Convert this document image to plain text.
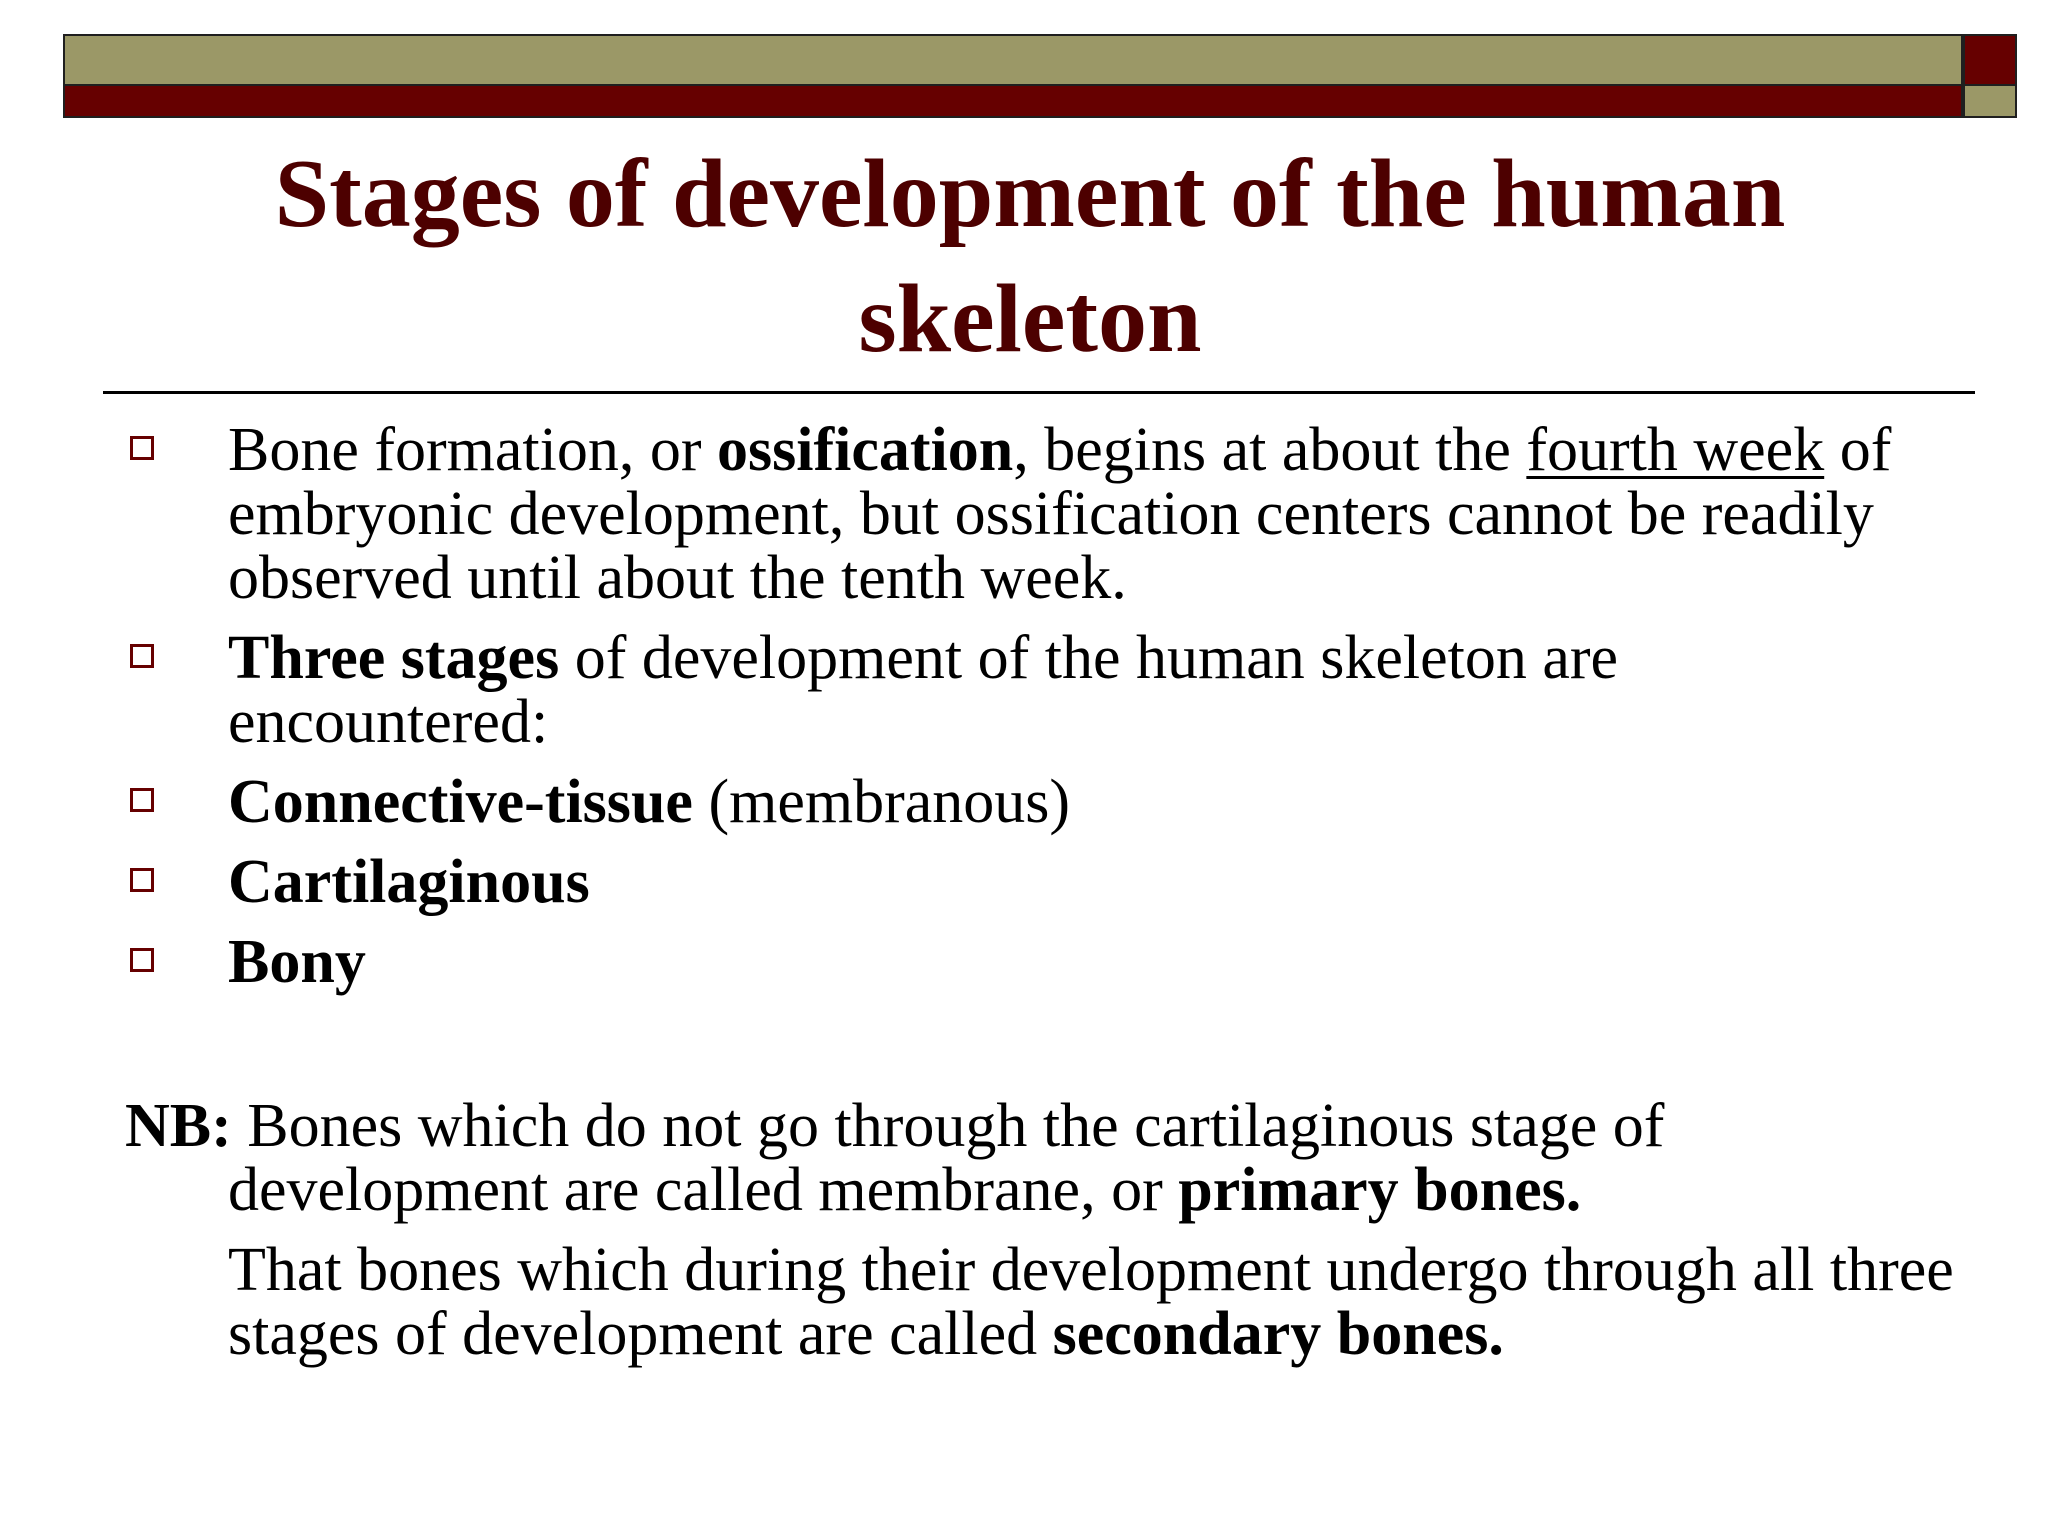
Stages of development of the human skeleton
Bone formation, or ossification, begins at about the fourth week of embryonic development, but ossification centers cannot be readily observed until about the tenth week.
Three stages of development of the human skeleton are encountered:
Connective-tissue (membranous)
Cartilaginous
Bony

NB: Bones which do not go through the cartilaginous stage of development are called membrane, or primary bones.

That bones which during their development undergo through all three stages of development are called secondary bones.
